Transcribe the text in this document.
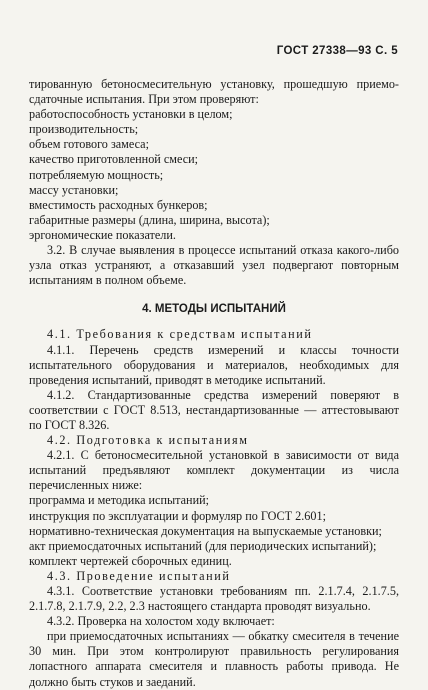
ГОСТ 27338—93 С. 5

тированную бетоносмесительную установку, прошедшую приемо-сдаточные испытания. При этом проверяют:

работоспособность установки в целом;

производительность;

объем готового замеса;

качество приготовленной смеси;

потребляемую мощность;

массу установки;

вместимость расходных бункеров;

габаритные размеры (длина, ширина, высота);

эргономические показатели.

3.2. В случае выявления в процессе испытаний отказа какого-либо узла отказ устраняют, а отказавший узел подвергают повторным испытаниям в полном объеме.

4. МЕТОДЫ ИСПЫТАНИЙ

4.1. Требования к средствам испытаний

4.1.1. Перечень средств измерений и классы точности испытательного оборудования и материалов, необходимых для проведения испытаний, приводят в методике испытаний.

4.1.2. Стандартизованные средства измерений поверяют в соответствии с ГОСТ 8.513, нестандартизованные — аттестовывают по ГОСТ 8.326.

4.2. Подготовка к испытаниям

4.2.1. С бетоносмесительной установкой в зависимости от вида испытаний предъявляют комплект документации из числа перечисленных ниже:

программа и методика испытаний;

инструкция по эксплуатации и формуляр по ГОСТ 2.601;

нормативно-техническая документация на выпускаемые установки;

акт приемосдаточных испытаний (для периодических испытаний);

комплект чертежей сборочных единиц.

4.3. Проведение испытаний

4.3.1. Соответствие установки требованиям пп. 2.1.7.4, 2.1.7.5, 2.1.7.8, 2.1.7.9, 2.2, 2.3 настоящего стандарта проводят визуально.

4.3.2. Проверка на холостом ходу включает:

при приемосдаточных испытаниях — обкатку смесителя в течение 30 мин. При этом контролируют правильность регулирования лопастного аппарата смесителя и плавность работы привода. Не должно быть стуков и заеданий.
